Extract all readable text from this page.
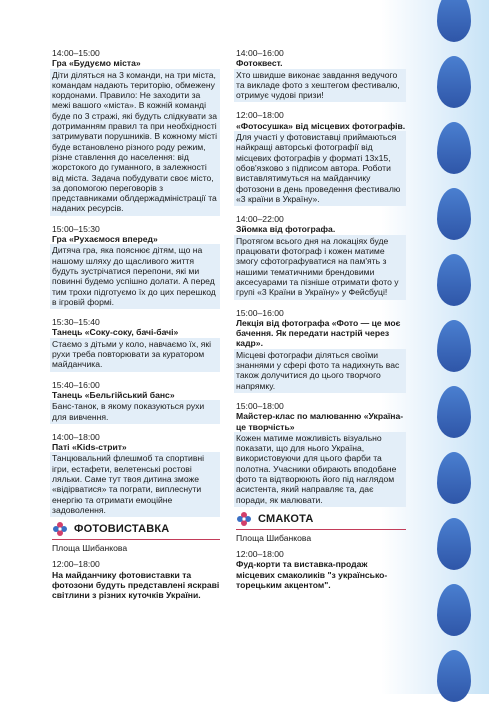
14:00–15:00
Гра «Будуємо міста»
Діти діляться на 3 команди, на три міста, командам надають територію, обмежену кордонами. Правило: Не заходити за межі вашого «міста». В кожній команді буде по 3 стражі, які будуть слідкувати за дотриманням правил та при необхідності затримувати порушників. В кожному місті буде встановлено різного роду режим, різне ставлення до населення: від жорстокого до гуманного, в залежності від міста. Задача побудувати своє місто, за допомогою переговорів з представниками облдержадміністрації та наданих ресурсів.
15:00–15:30
Гра «Рухаємося вперед»
Дитяча гра, яка пояснює дітям, що на нашому шляху до щасливого життя будуть зустрічатися перепони, які ми повинні будемо успішно долати. А перед тим трохи підготуємо їх до цих перешкод в ігровій формі.
15:30–15:40
Танець «Соку-соку, бачі-бачі»
Стаємо з дітьми у коло, навчаємо їх, які рухи треба повторювати за куратором майданчика.
15:40–16:00
Танець «Бельгійський банс»
Банс-танок, в якому показуються рухи для вивчення.
14:00–18:00
Паті «Kids-стрит»
Танцювальний флешмоб та спортивні ігри, естафети, велетенські ростові ляльки. Саме тут твоя дитина зможе «відірватися» та пограти, виплеснути енергію та отримати емоційне задоволення.
ФОТОВИСТАВКА
Площа Шибанкова
12:00–18:00
На майданчику фотовиставки та фотозони будуть представлені яскраві світлини з різних куточків України.
14:00–16:00
Фотоквест.
Хто швидше виконає завдання ведучого та викладе фото з хештегом фестивалю, отримує чудові призи!
12:00–18:00
«Фотосушка» від місцевих фотографів.
Для участі у фотовиставці приймаються найкращі авторські фотографії від місцевих фотографів у форматі 13х15, обов'язково з підписом автора. Роботи виставлятимуться на майданчику фотозони в день проведення фестивалю «3 країни в Україну».
14:00–22:00
Зйомка від фотографа.
Протягом всього дня на локаціях буде працювати фотограф і кожен матиме змогу сфотографуватися на пам'ять з нашими тематичними брендовими аксесуарами та пізніше отримати фото у групі «3 Країни в Україну» у Фейсбуці!
15:00–16:00
Лекція від фотографа «Фото — це моє бачення. Як передати настрій через кадр».
Місцеві фотографи діляться своїми знаннями у сфері фото та надихнуть вас також долучитися до цього творчого напрямку.
15:00–18:00
Майстер-клас по малюванню «Україна-це творчість»
Кожен матиме можливість візуально показати, що для нього Україна, використовуючи для цього фарби та полотна. Учасники обирають вподобане фото та відтворюють його під наглядом асистента, який направляє та, дає поради, як малювати.
СМАКОТА
Площа Шибанкова
12:00–18:00
Фуд-корти та виставка-продаж місцевих смаколиків "з українсько-торецьким акцентом".
